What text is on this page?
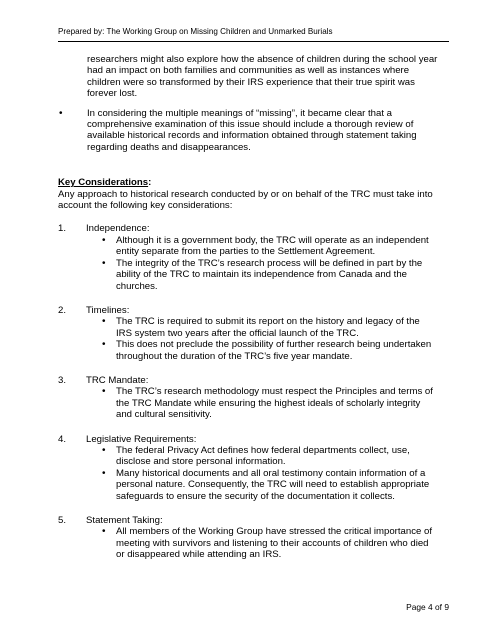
Prepared by: The Working Group on Missing Children and Unmarked Burials

researchers might also explore how the absence of children during the school year had an impact on both families and communities as well as instances where children were so transformed by their IRS experience that their true spirit was forever lost.

•	In considering the multiple meanings of “missing”, it became clear that a comprehensive examination of this issue should include a thorough review of available historical records and information obtained through statement taking regarding deaths and disappearances.

Key Considerations:

Any approach to historical research conducted by or on behalf of the TRC must take into account the following key considerations:

1. Independence:
• Although it is a government body, the TRC will operate as an independent entity separate from the parties to the Settlement Agreement.
• The integrity of the TRC’s research process will be defined in part by the ability of the TRC to maintain its independence from Canada and the churches.
2. Timelines:
• The TRC is required to submit its report on the history and legacy of the IRS system two years after the official launch of the TRC.
• This does not preclude the possibility of further research being undertaken throughout the duration of the TRC’s five year mandate.
3. TRC Mandate:
• The TRC’s research methodology must respect the Principles and terms of the TRC Mandate while ensuring the highest ideals of scholarly integrity and cultural sensitivity.
4. Legislative Requirements:
• The federal Privacy Act defines how federal departments collect, use, disclose and store personal information.
• Many historical documents and all oral testimony contain information of a personal nature. Consequently, the TRC will need to establish appropriate safeguards to ensure the security of the documentation it collects.
5. Statement Taking:
• All members of the Working Group have stressed the critical importance of meeting with survivors and listening to their accounts of children who died or disappeared while attending an IRS.
Page 4 of 9
